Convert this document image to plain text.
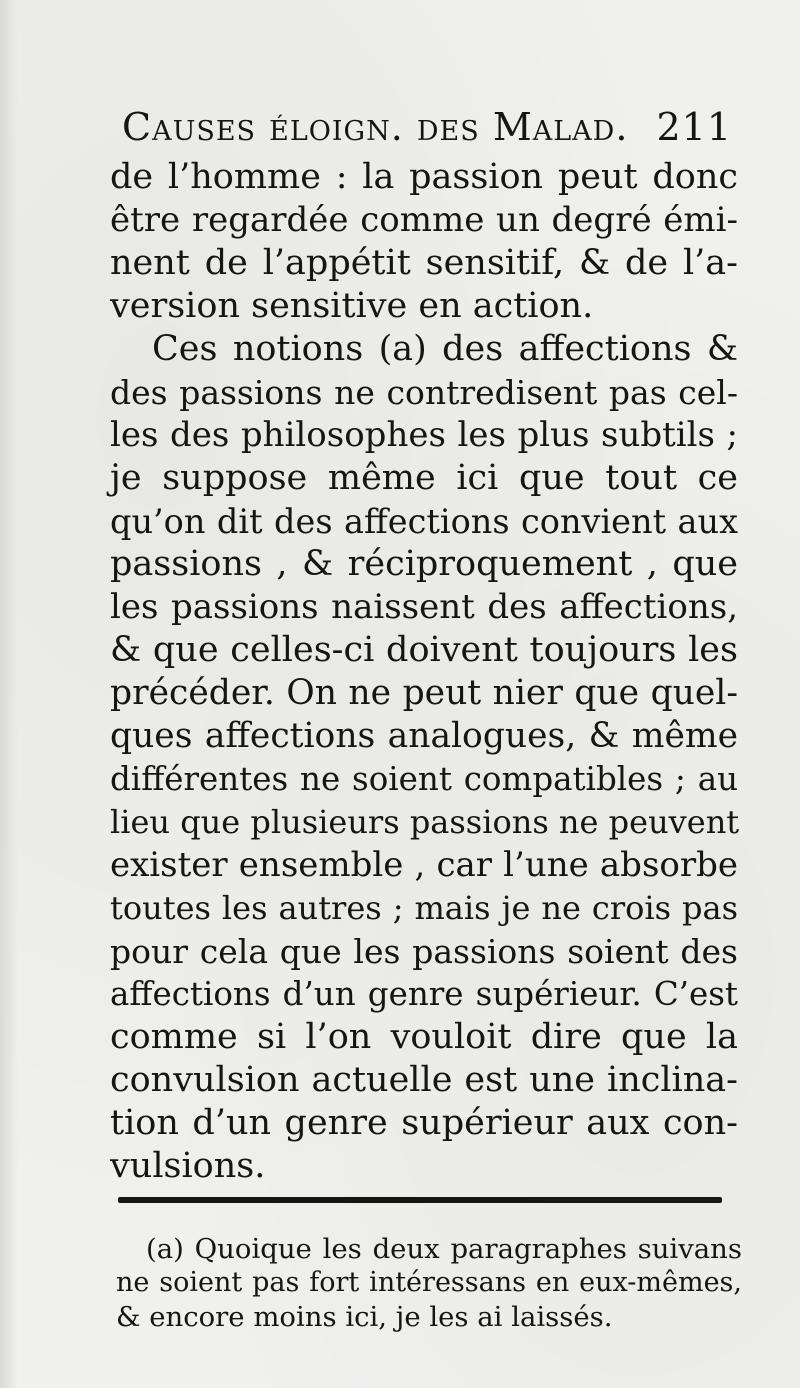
Causes éloign. des Malad. 211
de l’homme : la passion peut donc
être regardée comme un degré émi-
nent de l’appétit sensitif, & de l’a-
version sensitive en action.
Ces notions (a) des affections &
des passions ne contredisent pas cel-
les des philosophes les plus subtils ;
je suppose même ici que tout ce
qu’on dit des affections convient aux
passions , & réciproquement , que
les passions naissent des affections,
& que celles-ci doivent toujours les
précéder. On ne peut nier que quel-
ques affections analogues, & même
différentes ne soient compatibles ; au
lieu que plusieurs passions ne peuvent
exister ensemble , car l’une absorbe
toutes les autres ; mais je ne crois pas
pour cela que les passions soient des
affections d’un genre supérieur. C’est
comme si l’on vouloit dire que la
convulsion actuelle est une inclina-
tion d’un genre supérieur aux con-
vulsions.
(a) Quoique les deux paragraphes suivans
ne soient pas fort intéressans en eux-mêmes,
& encore moins ici, je les ai laissés.
